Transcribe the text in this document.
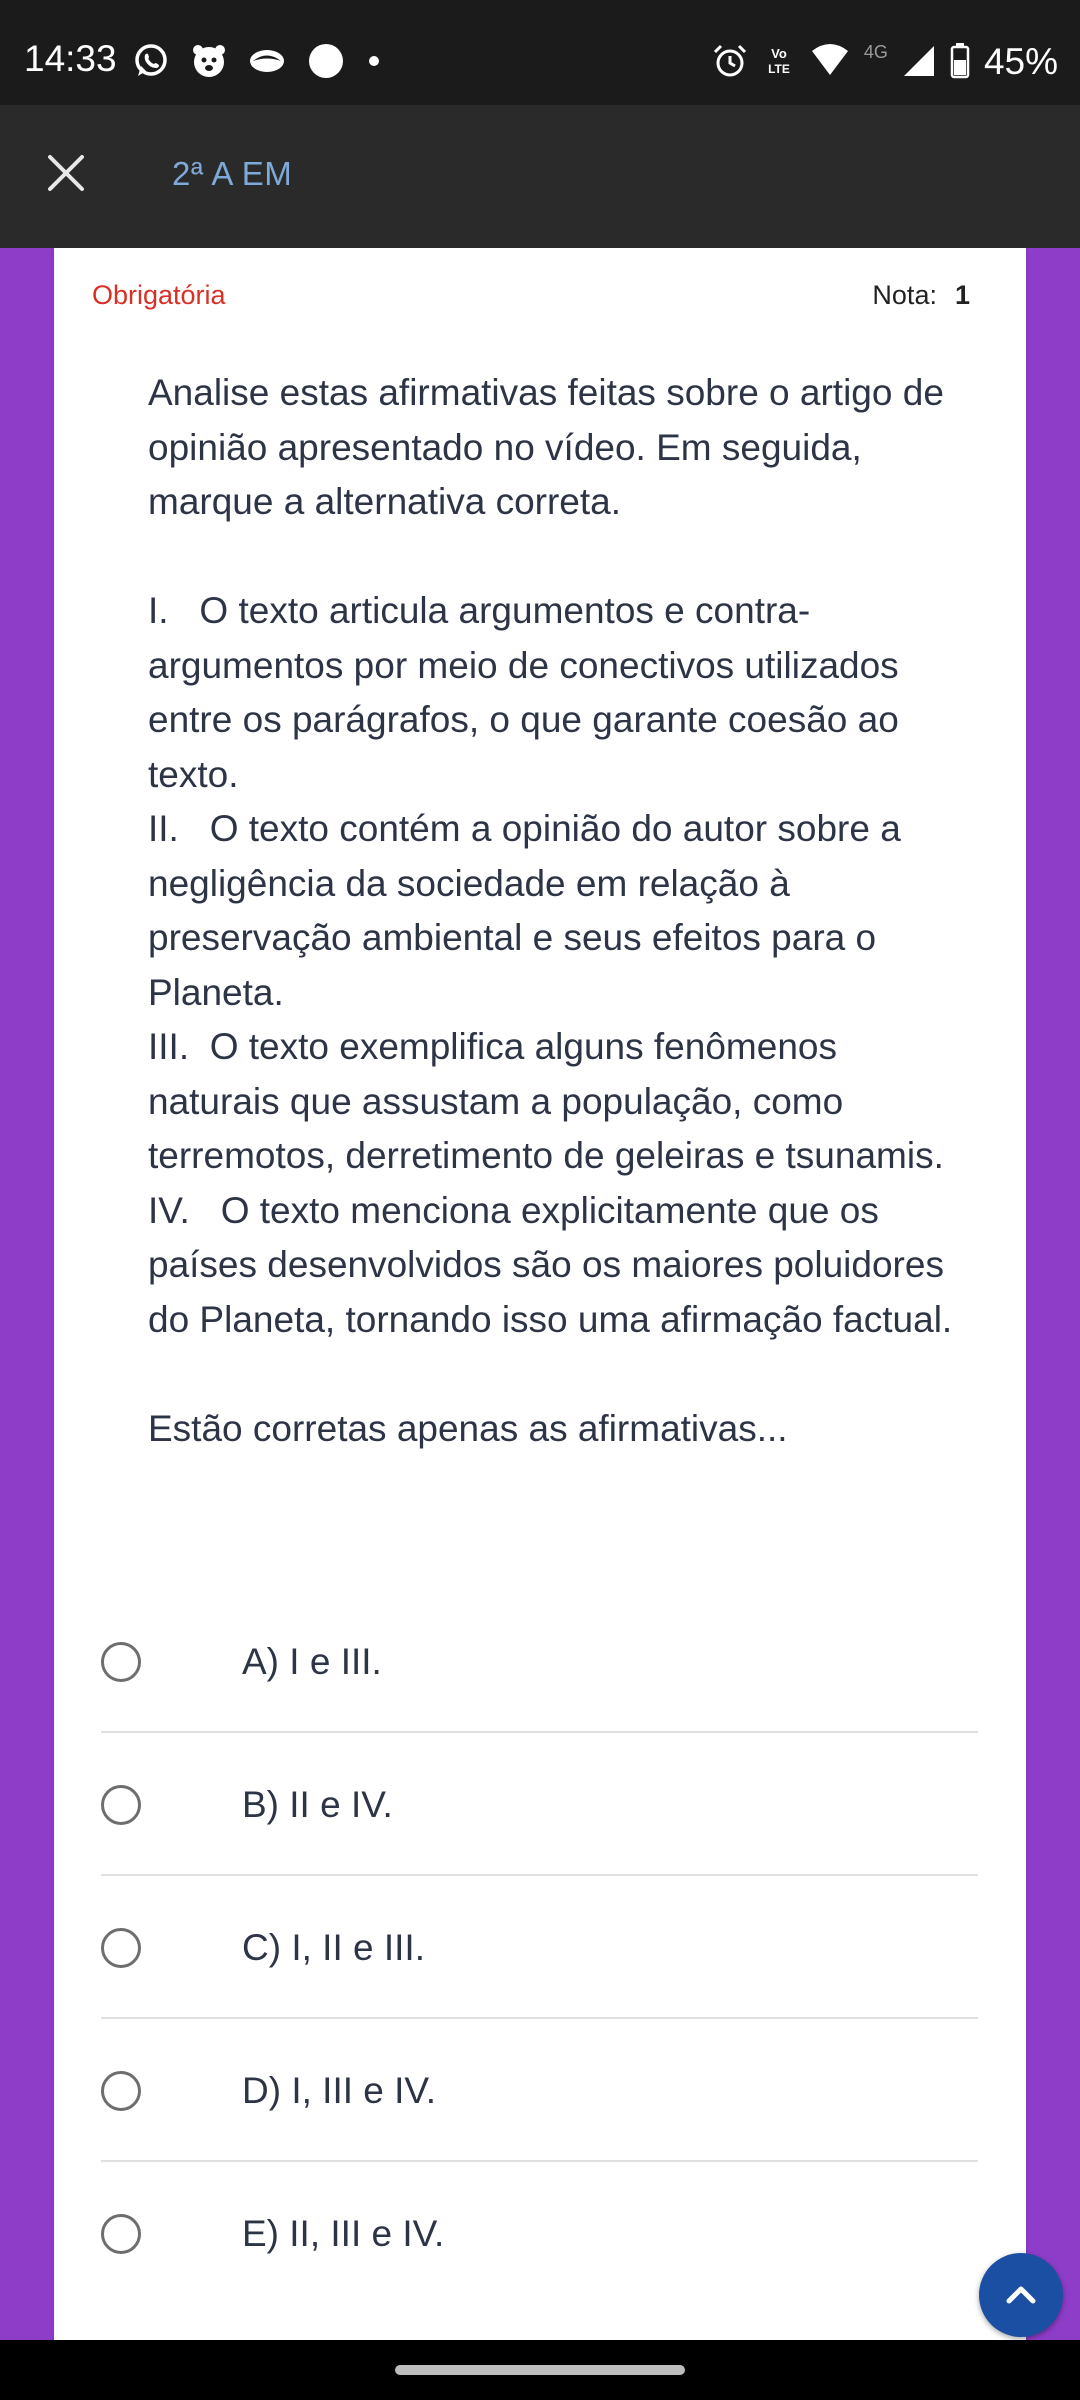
14:33	Vo
LTE
4G	45%
2ª A EM
Obrigatória	Nota: 1

Analise estas afirmativas feitas sobre o artigo de opinião apresentado no vídeo. Em seguida, marque a alternativa correta.

I. O texto articula argumentos e contra-argumentos por meio de conectivos utilizados entre os parágrafos, o que garante coesão ao texto.

II. O texto contém a opinião do autor sobre a negligência da sociedade em relação à preservação ambiental e seus efeitos para o Planeta.

III. O texto exemplifica alguns fenômenos naturais que assustam a população, como terremotos, derretimento de geleiras e tsunamis.

IV. O texto menciona explicitamente que os países desenvolvidos são os maiores poluidores do Planeta, tornando isso uma afirmação factual.

Estão corretas apenas as afirmativas...

A) I e III.
B) II e IV.
C) I, II e III.
D) I, III e IV.
E) II, III e IV.
